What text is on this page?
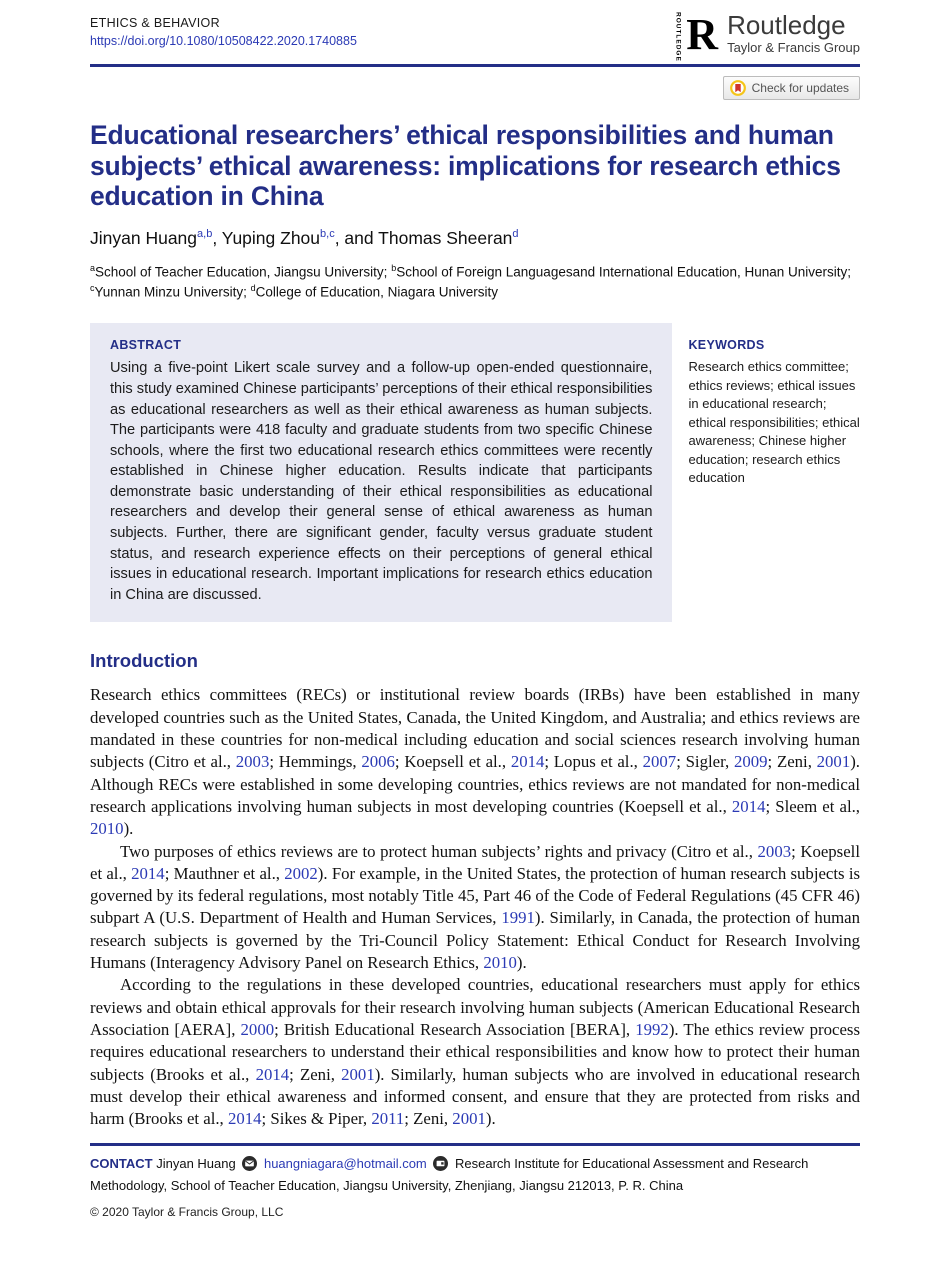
ETHICS & BEHAVIOR
https://doi.org/10.1080/10508422.2020.1740885	ROUTLEDGE R Routledge
Taylor & Francis Group
Check for updates
Educational researchers’ ethical responsibilities and human subjects’ ethical awareness: implications for research ethics education in China
Jinyan Huang$^{a,b}$, Yuping Zhou$^{b,c}$, and Thomas Sheeran$^d$
$^a$School of Teacher Education, Jiangsu University; $^b$School of Foreign Languagesand International Education, Hunan University; $^c$Yunnan Minzu University; $^d$College of Education, Niagara University
ABSTRACT
Using a five-point Likert scale survey and a follow-up open-ended questionnaire, this study examined Chinese participants’ perceptions of their ethical responsibilities as educational researchers as well as their ethical awareness as human subjects. The participants were 418 faculty and graduate students from two specific Chinese schools, where the first two educational research ethics committees were recently established in Chinese higher education. Results indicate that participants demonstrate basic understanding of their ethical responsibilities as educational researchers and develop their general sense of ethical awareness as human subjects. Further, there are significant gender, faculty versus graduate student status, and research experience effects on their perceptions of general ethical issues in educational research. Important implications for research ethics education in China are discussed.
KEYWORDS
Research ethics committee; ethics reviews; ethical issues in educational research; ethical responsibilities; ethical awareness; Chinese higher education; research ethics education
Introduction

Research ethics committees (RECs) or institutional review boards (IRBs) have been established in many developed countries such as the United States, Canada, the United Kingdom, and Australia; and ethics reviews are mandated in these countries for non-medical including education and social sciences research involving human subjects (Citro et al., 2003; Hemmings, 2006; Koepsell et al., 2014; Lopus et al., 2007; Sigler, 2009; Zeni, 2001). Although RECs were established in some developing countries, ethics reviews are not mandated for non-medical research applications involving human subjects in most developing countries (Koepsell et al., 2014; Sleem et al., 2010).

Two purposes of ethics reviews are to protect human subjects’ rights and privacy (Citro et al., 2003; Koepsell et al., 2014; Mauthner et al., 2002). For example, in the United States, the protection of human research subjects is governed by its federal regulations, most notably Title 45, Part 46 of the Code of Federal Regulations (45 CFR 46) subpart A (U.S. Department of Health and Human Services, 1991). Similarly, in Canada, the protection of human research subjects is governed by the Tri-Council Policy Statement: Ethical Conduct for Research Involving Humans (Interagency Advisory Panel on Research Ethics, 2010).

According to the regulations in these developed countries, educational researchers must apply for ethics reviews and obtain ethical approvals for their research involving human subjects (American Educational Research Association [AERA], 2000; British Educational Research Association [BERA], 1992). The ethics review process requires educational researchers to understand their ethical responsibilities and know how to protect their human subjects (Brooks et al., 2014; Zeni, 2001). Similarly, human subjects who are involved in educational research must develop their ethical awareness and informed consent, and ensure that they are protected from risks and harm (Brooks et al., 2014; Sikes & Piper, 2011; Zeni, 2001).

CONTACT Jinyan Huang huangniagara@hotmail.com Research Institute for Educational Assessment and Research Methodology, School of Teacher Education, Jiangsu University, Zhenjiang, Jiangsu 212013, P. R. China

© 2020 Taylor & Francis Group, LLC
